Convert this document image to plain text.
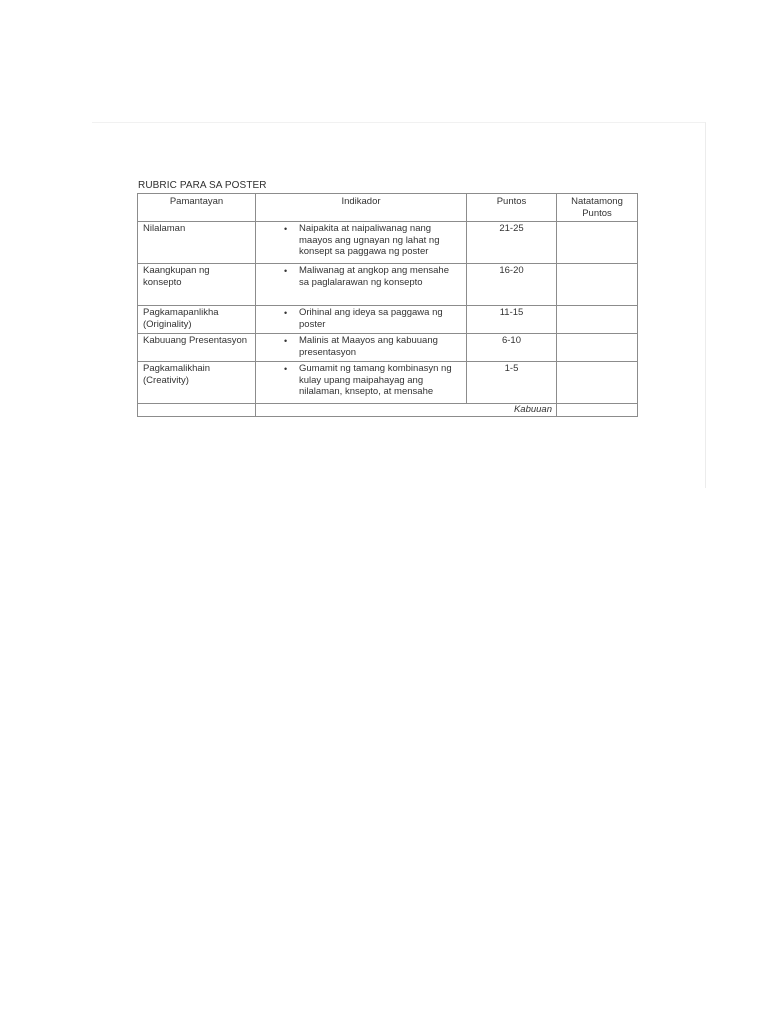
RUBRIC PARA SA POSTER
Pamantayan	Indikador	Puntos	Natatamong Puntos
Nilalaman	• Naipakita at naipaliwanag nang maayos ang ugnayan ng lahat ng konsept sa paggawa ng poster	21-25	
Kaangkupan ng konsepto	• Maliwanag at angkop ang mensahe sa paglalarawan ng konsepto	16-20	
Pagkamapanlikha (Originality)	• Orihinal ang ideya sa paggawa ng poster	11-15	
Kabuuang Presentasyon	• Malinis at Maayos ang kabuuang presentasyon	6-10	
Pagkamalikhain (Creativity)	• Gumamit ng tamang kombinasyn ng kulay upang maipahayag ang nilalaman, knsepto, at mensahe	1-5	
	Kabuuan		
